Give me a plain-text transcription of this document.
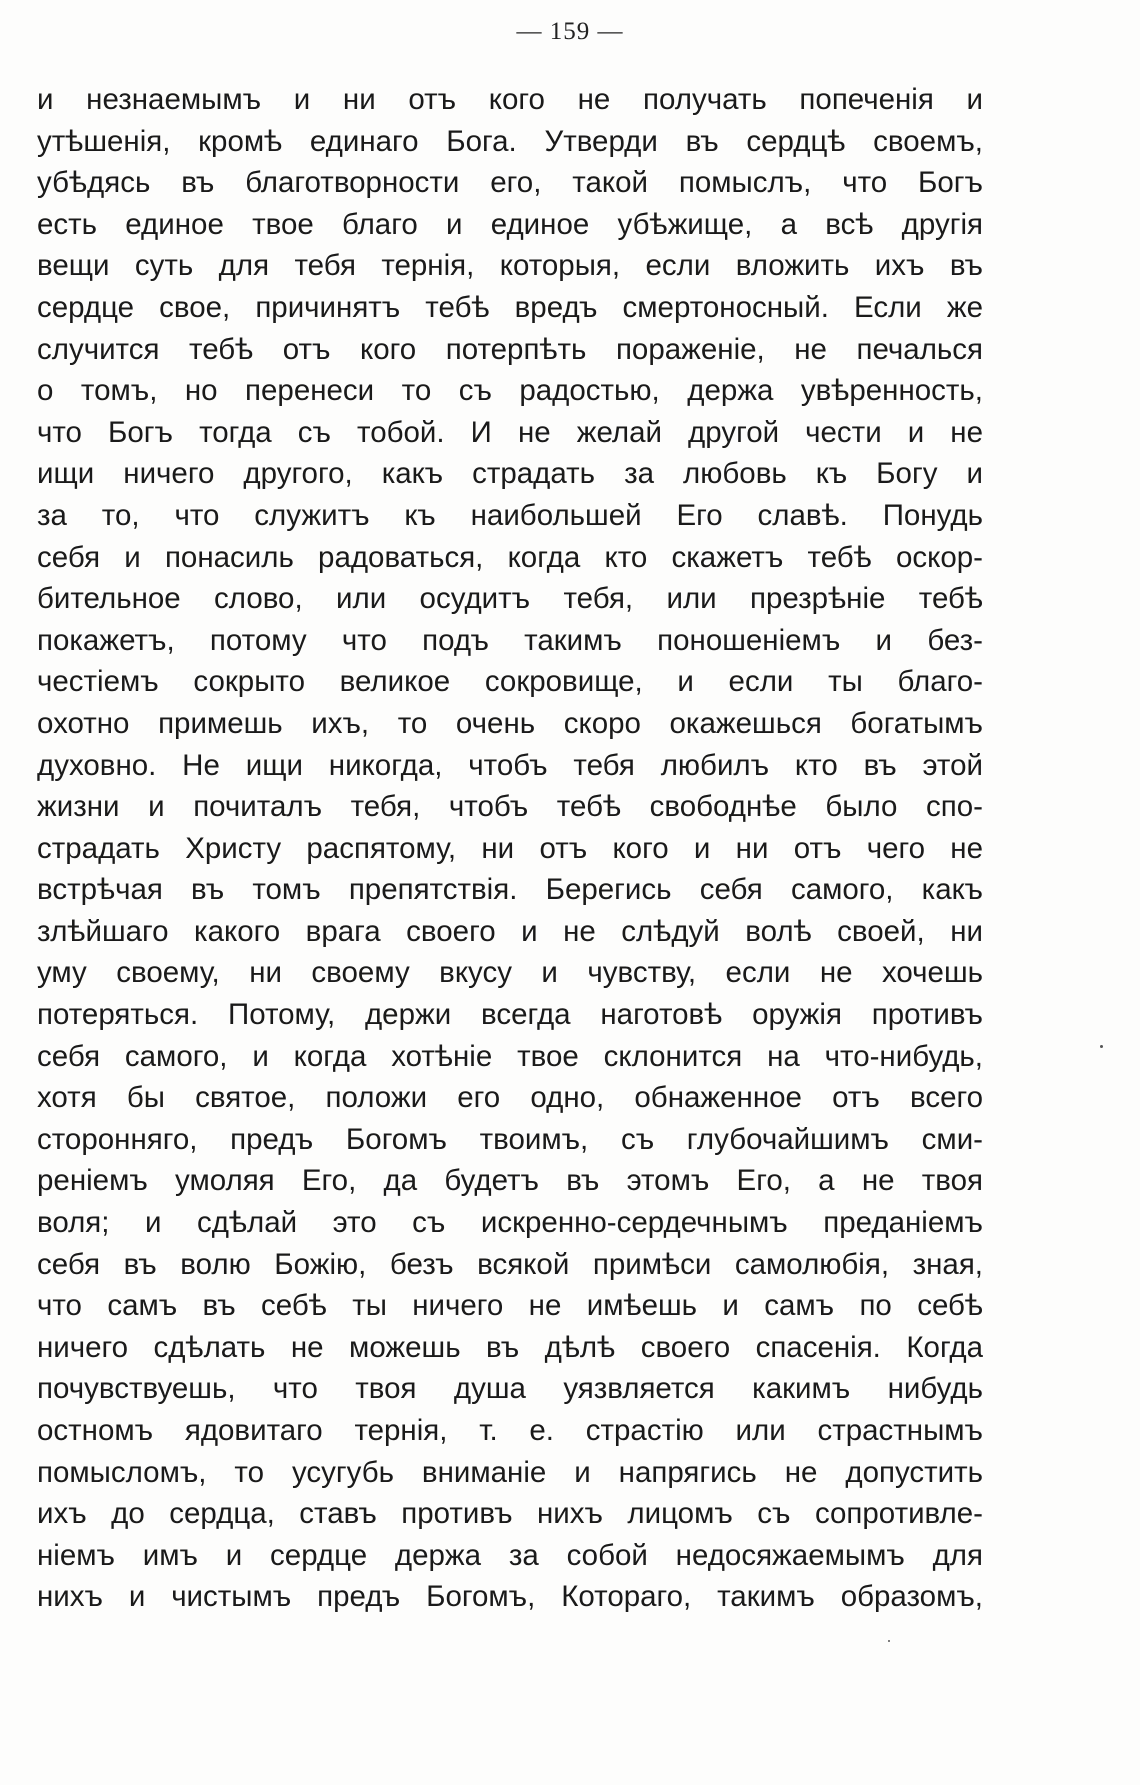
— 159 —
и незнаемымъ и ни отъ кого не получать попеченія и
утѣшенія, кромѣ единаго Бога. Утверди въ сердцѣ своемъ,
убѣдясь въ благотворности его, такой помыслъ, что Богъ
есть единое твое благо и единое убѣжище, а всѣ другія
вещи суть для тебя тернія, которыя, если вложить ихъ въ
сердце свое, причинятъ тебѣ вредъ смертоносный. Если же
случится тебѣ отъ кого потерпѣть пораженіе, не печалься
о томъ, но перенеси то съ радостью, держа увѣренность,
что Богъ тогда съ тобой. И не желай другой чести и не
ищи ничего другого, какъ страдать за любовь къ Богу и
за то, что служитъ къ наибольшей Его славѣ. Понудь
себя и понасиль радоваться, когда кто скажетъ тебѣ оскор-
бительное слово, или осудитъ тебя, или презрѣніе тебѣ
покажетъ, потому что подъ такимъ поношеніемъ и без-
честіемъ сокрыто великое сокровище, и если ты благо-
охотно примешь ихъ, то очень скоро окажешься богатымъ
духовно. Не ищи никогда, чтобъ тебя любилъ кто въ этой
жизни и почиталъ тебя, чтобъ тебѣ свободнѣе было спо-
страдать Христу распятому, ни отъ кого и ни отъ чего не
встрѣчая въ томъ препятствія. Берегись себя самого, какъ
злѣйшаго какого врага своего и не слѣдуй волѣ своей, ни
уму своему, ни своему вкусу и чувству, если не хочешь
потеряться. Потому, держи всегда наготовѣ оружія противъ
себя самого, и когда хотѣніе твое склонится на что-нибудь,
хотя бы святое, положи его одно, обнаженное отъ всего
сторонняго, предъ Богомъ твоимъ, съ глубочайшимъ сми-
реніемъ умоляя Его, да будетъ въ этомъ Его, а не твоя
воля; и сдѣлай это съ искренно-сердечнымъ преданіемъ
себя въ волю Божію, безъ всякой примѣси самолюбія, зная,
что самъ въ себѣ ты ничего не имѣешь и самъ по себѣ
ничего сдѣлать не можешь въ дѣлѣ своего спасенія. Когда
почувствуешь, что твоя душа уязвляется какимъ нибудь
остномъ ядовитаго тернія, т. е. страстію или страстнымъ
помысломъ, то усугубь вниманіе и напрягись не допустить
ихъ до сердца, ставъ противъ нихъ лицомъ съ сопротивле-
ніемъ имъ и сердце держа за собой недосяжаемымъ для
нихъ и чистымъ предъ Богомъ, Котораго, такимъ образомъ,
